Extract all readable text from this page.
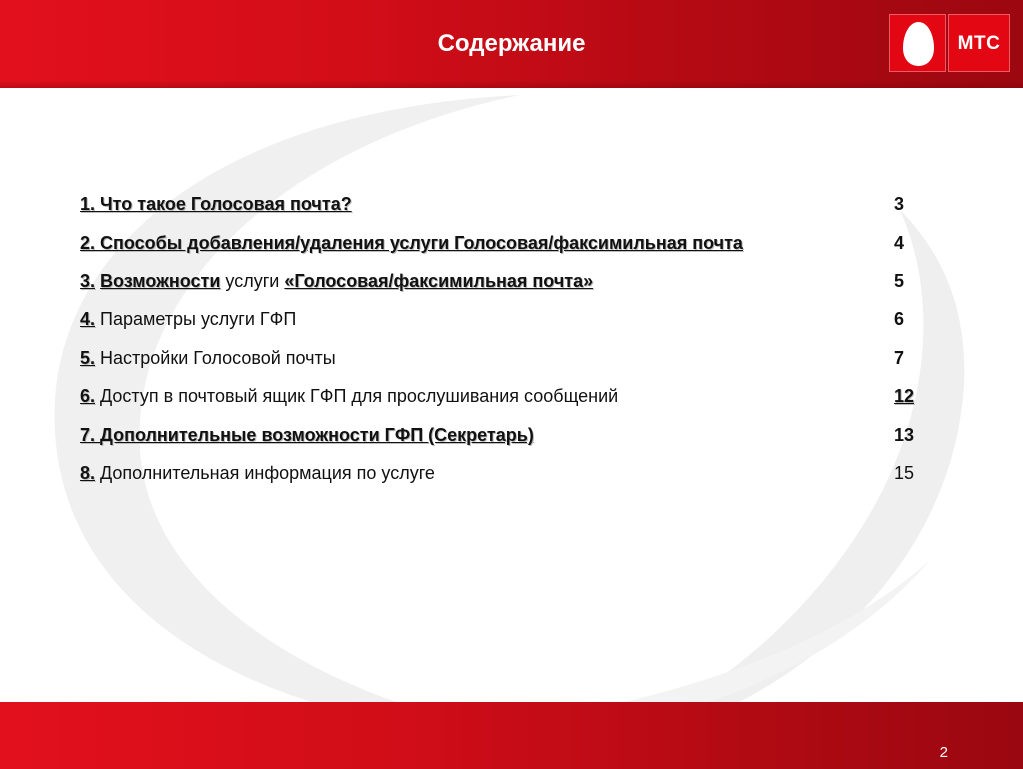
Содержание	МТС
1. Что такое Голосовая почта?	3
2. Способы добавления/удаления услуги Голосовая/факсимильная почта	4
3. Возможности услуги «Голосовая/факсимильная почта»	5
4. Параметры услуги ГФП	6
5. Настройки Голосовой почты	7
6. Доступ в почтовый ящик ГФП для прослушивания сообщений	12
7. Дополнительные возможности ГФП (Секретарь)	13
8. Дополнительная информация по услуге	15
2
